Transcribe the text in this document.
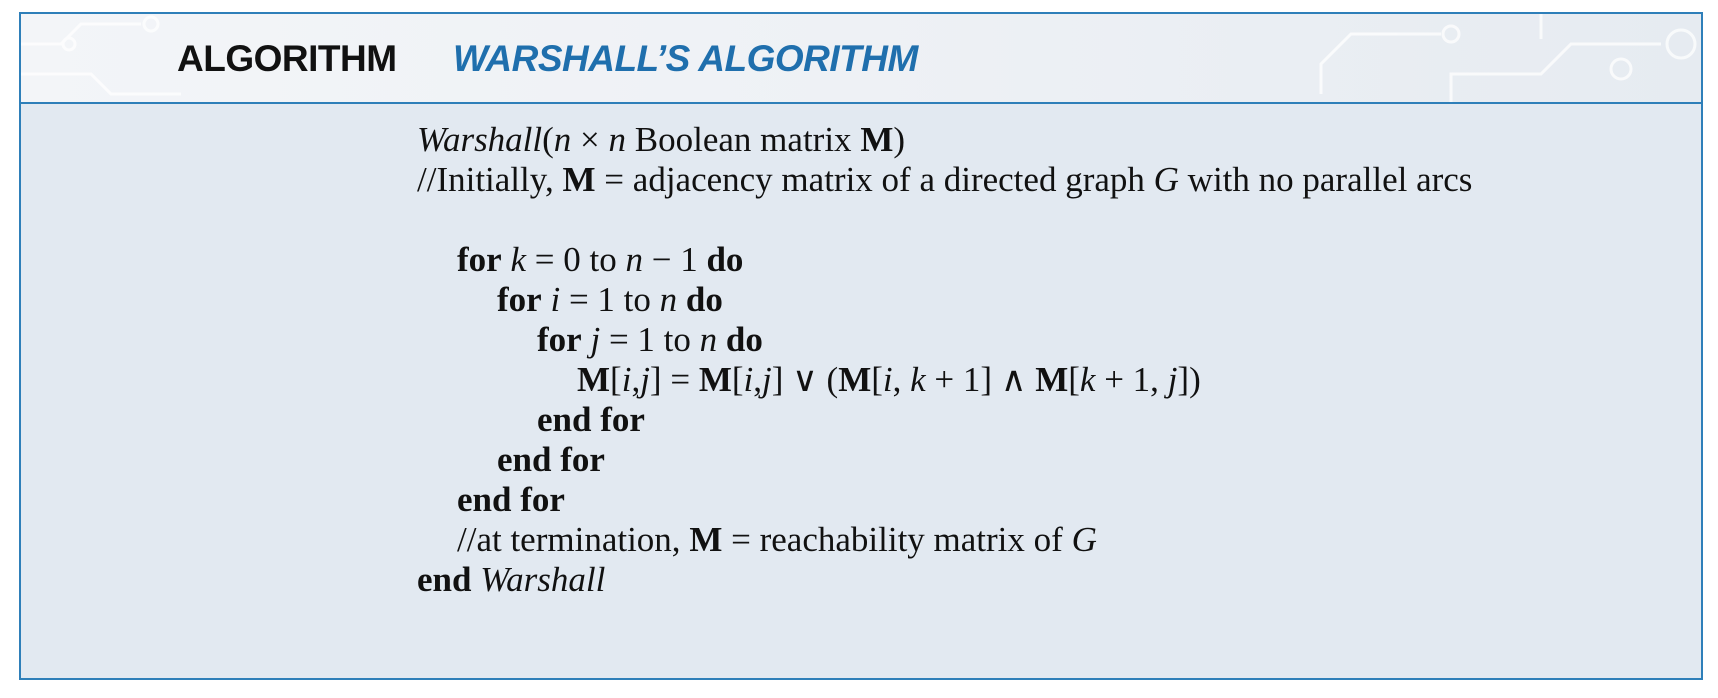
ALGORITHM WARSHALL’S ALGORITHM
Warshall(n × n Boolean matrix M)
//Initially, M = adjacency matrix of a directed graph G with no parallel arcs
for k = 0 to n − 1 do
for i = 1 to n do
for j = 1 to n do
M[i,j] = M[i,j] ∨ (M[i, k + 1] ∧ M[k + 1, j])
end for
end for
end for
//at termination, M = reachability matrix of G
end Warshall
